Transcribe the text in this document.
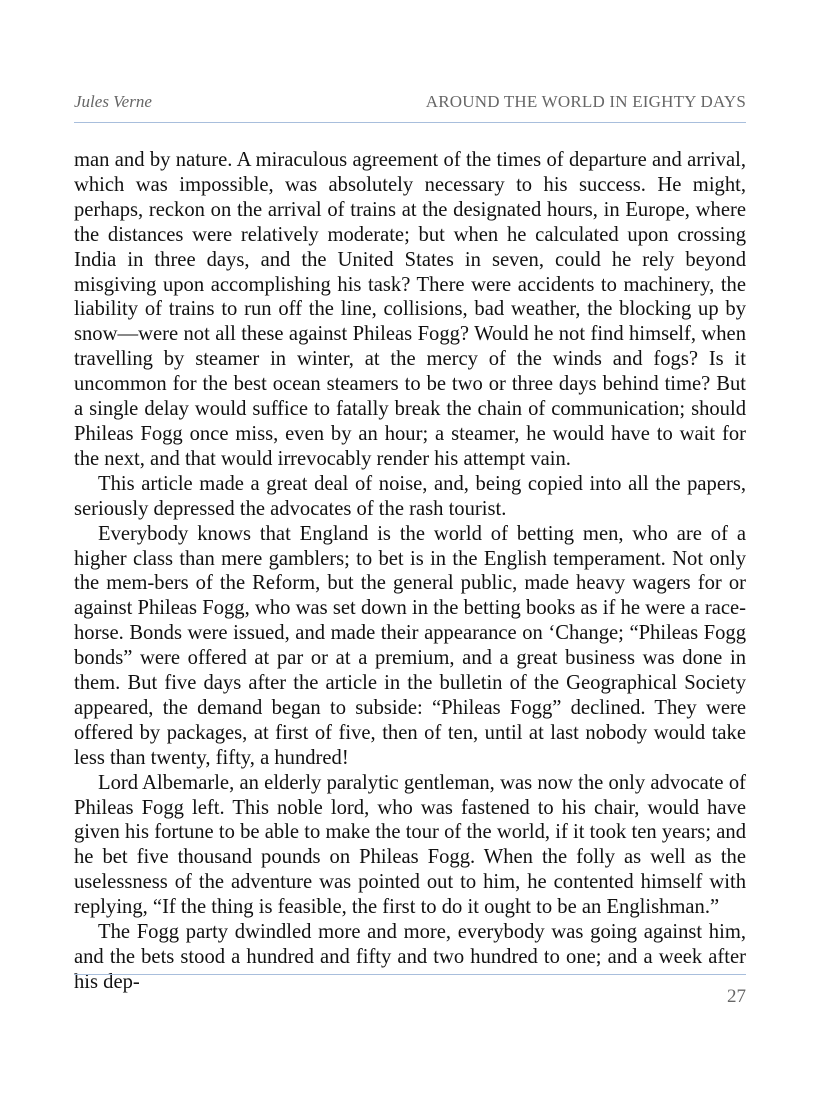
Jules Verne	AROUND THE WORLD IN EIGHTY DAYS

man and by nature. A miraculous agreement of the times of departure and arrival, which was impossible, was absolutely necessary to his success. He might, perhaps, reckon on the arrival of trains at the designated hours, in Europe, where the distances were relatively moderate; but when he calculated upon crossing India in three days, and the United States in seven, could he rely beyond misgiving upon accomplishing his task? There were accidents to machinery, the liability of trains to run off the line, collisions, bad weather, the blocking up by snow—were not all these against Phileas Fogg? Would he not find himself, when travelling by steamer in winter, at the mercy of the winds and fogs? Is it uncommon for the best ocean steamers to be two or three days behind time? But a single delay would suffice to fatally break the chain of communication; should Phileas Fogg once miss, even by an hour; a steamer, he would have to wait for the next, and that would irrevocably render his attempt vain.

This article made a great deal of noise, and, being copied into all the papers, seriously depressed the advocates of the rash tourist.

Everybody knows that England is the world of betting men, who are of a higher class than mere gamblers; to bet is in the English temperament. Not only the mem-bers of the Reform, but the general public, made heavy wagers for or against Phileas Fogg, who was set down in the betting books as if he were a race-horse. Bonds were issued, and made their appearance on ‘Change; “Phileas Fogg bonds” were offered at par or at a premium, and a great business was done in them. But five days after the article in the bulletin of the Geographical Society appeared, the demand began to subside: “Phileas Fogg” declined. They were offered by packages, at first of five, then of ten, until at last nobody would take less than twenty, fifty, a hundred!

Lord Albemarle, an elderly paralytic gentleman, was now the only advocate of Phileas Fogg left. This noble lord, who was fastened to his chair, would have given his fortune to be able to make the tour of the world, if it took ten years; and he bet five thousand pounds on Phileas Fogg. When the folly as well as the uselessness of the adventure was pointed out to him, he contented himself with replying, “If the thing is feasible, the first to do it ought to be an Englishman.”

The Fogg party dwindled more and more, everybody was going against him, and the bets stood a hundred and fifty and two hundred to one; and a week after his dep-

27
